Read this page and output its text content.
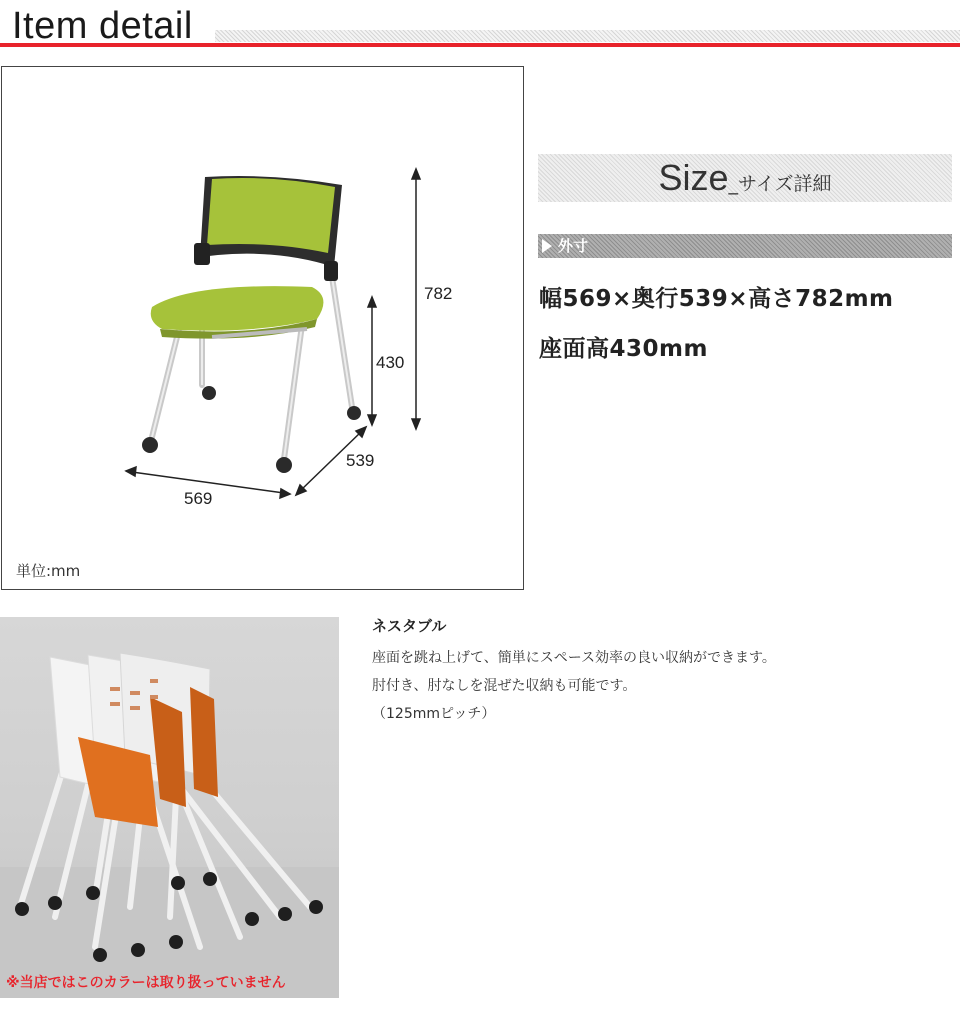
Item detail
782
430
539
569
単位:mm
Size_サイズ詳細
外寸
幅569×奥行539×高さ782mm
座面高430mm
※当店ではこのカラーは取り扱っていません
ネスタブル
座面を跳ね上げて、簡単にスペース効率の良い収納ができます。
肘付き、肘なしを混ぜた収納も可能です。
（125mmピッチ）
